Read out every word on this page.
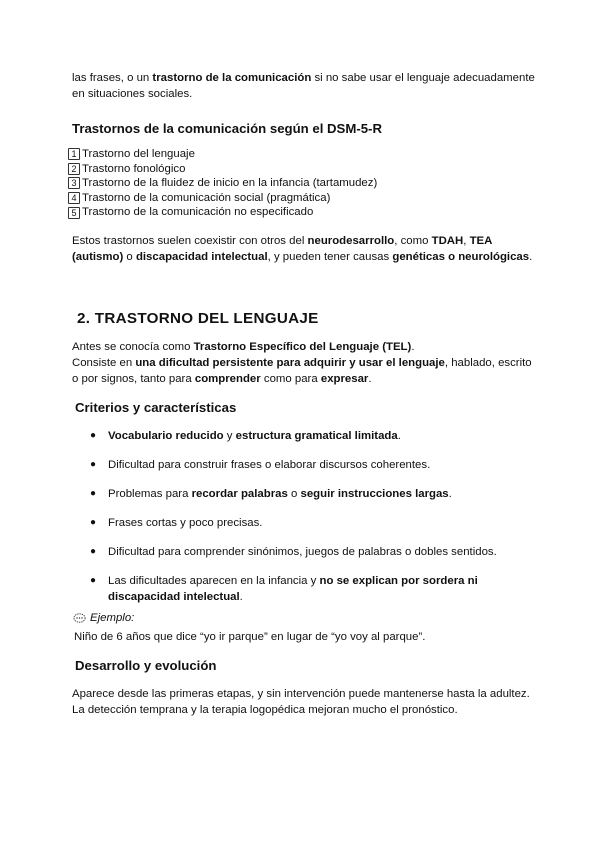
las frases, o un trastorno de la comunicación si no sabe usar el lenguaje adecuadamente
en situaciones sociales.
Trastornos de la comunicación según el DSM-5-R
1 Trastorno del lenguaje
2 Trastorno fonológico
3 Trastorno de la fluidez de inicio en la infancia (tartamudez)
4 Trastorno de la comunicación social (pragmática)
5 Trastorno de la comunicación no especificado
Estos trastornos suelen coexistir con otros del neurodesarrollo, como TDAH, TEA
(autismo) o discapacidad intelectual, y pueden tener causas genéticas o neurológicas.
2. TRASTORNO DEL LENGUAJE
Antes se conocía como Trastorno Específico del Lenguaje (TEL).
Consiste en una dificultad persistente para adquirir y usar el lenguaje, hablado, escrito
o por signos, tanto para comprender como para expresar.
Criterios y características
● Vocabulario reducido y estructura gramatical limitada.
● Dificultad para construir frases o elaborar discursos coherentes.
● Problemas para recordar palabras o seguir instrucciones largas.
● Frases cortas y poco precisas.
● Dificultad para comprender sinónimos, juegos de palabras o dobles sentidos.
● Las dificultades aparecen en la infancia y no se explican por sordera ni
discapacidad intelectual.
Ejemplo:
Niño de 6 años que dice “yo ir parque” en lugar de “yo voy al parque”.
Desarrollo y evolución
Aparece desde las primeras etapas, y sin intervención puede mantenerse hasta la adultez.
La detección temprana y la terapia logopédica mejoran mucho el pronóstico.
